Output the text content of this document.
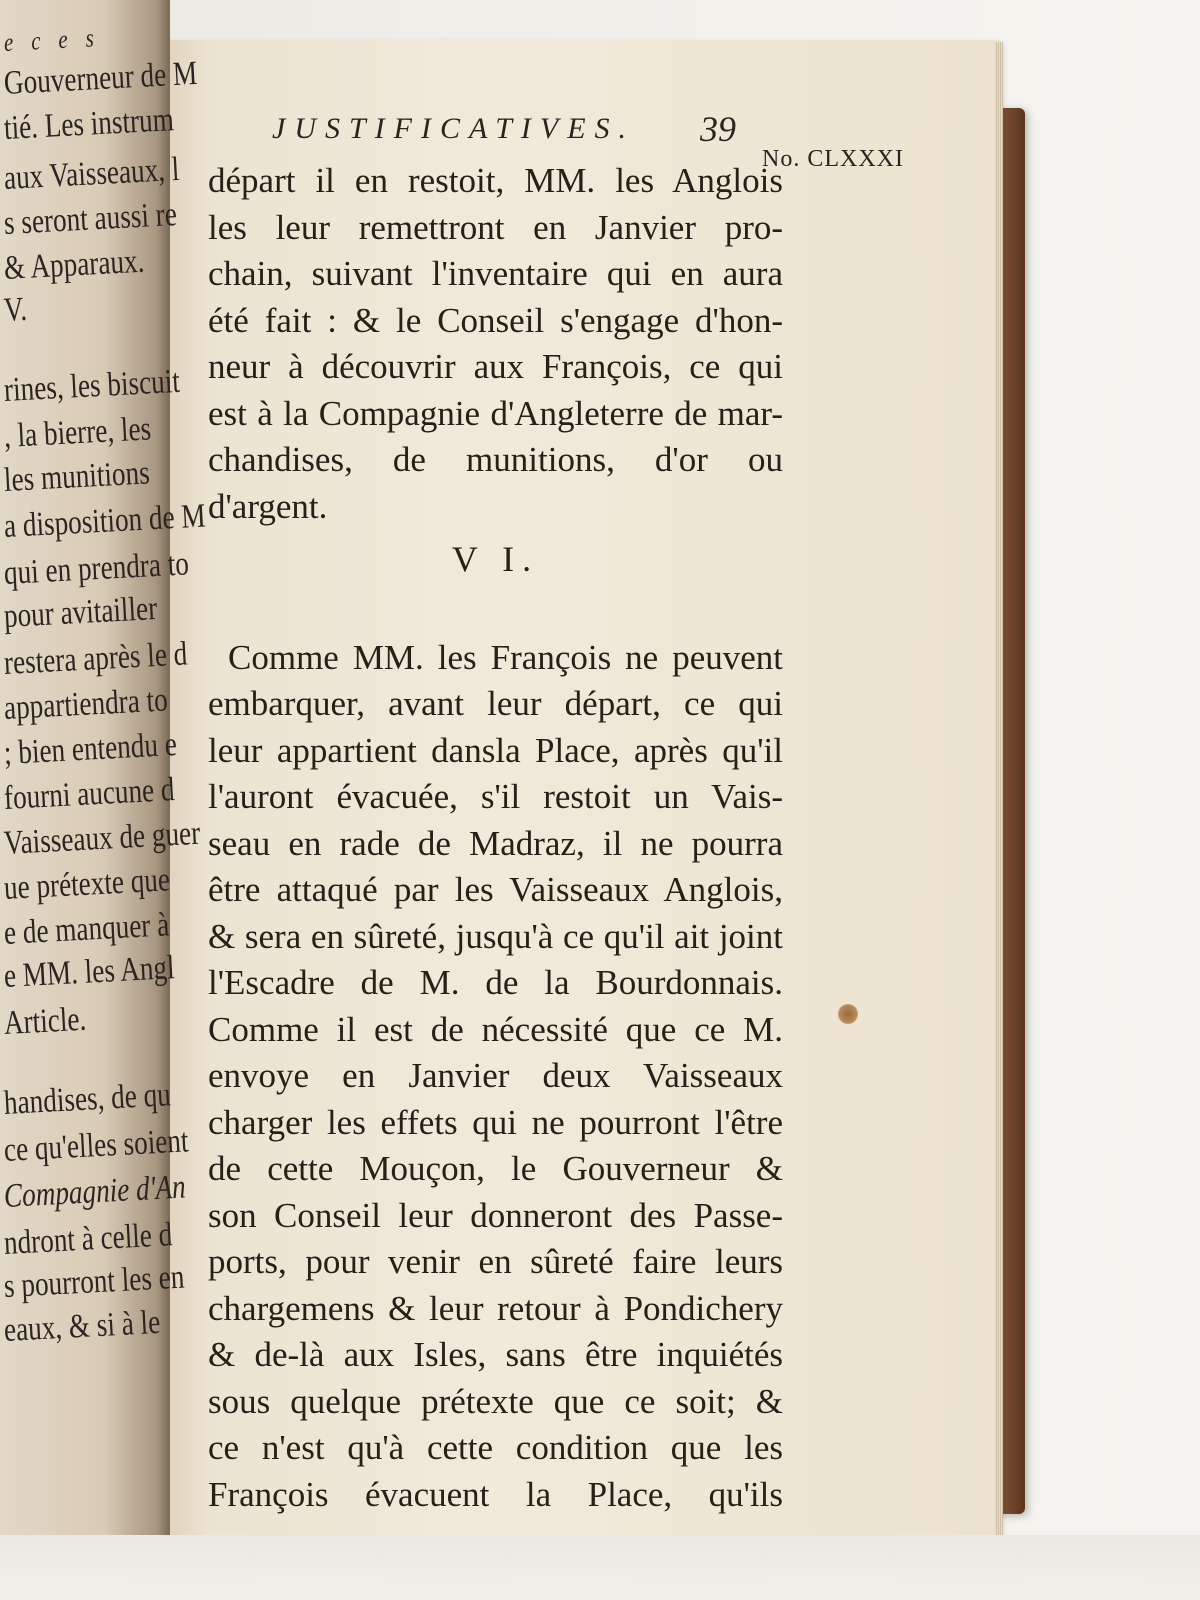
e c e s
Gouverneur de M
tié. Les instrum
aux Vaisseaux, l
s seront aussi re
& Apparaux.
V.
rines, les biscuit
, la bierre, les
les munitions
a disposition de M
qui en prendra to
pour avitailler
restera après le d
appartiendra to
; bien entendu e
fourni aucune d
Vaisseaux de guer
ue prétexte que
e de manquer à
e MM. les Angl
Article.
handises, de qu
ce qu'elles soient
Compagnie d'An
ndront à celle d
s pourront les en
eaux, & si à le
JUSTIFICATIVES. 39
No. CLXXXI
départ il en restoit, MM. les Anglois
les leur remettront en Janvier pro-
chain, suivant l'inventaire qui en aura
été fait : & le Conseil s'engage d'hon-
neur à découvrir aux François, ce qui
est à la Compagnie d'Angleterre de mar-
chandises, de munitions, d'or ou
d'argent.
V I.
Comme MM. les François ne peuvent
embarquer, avant leur départ, ce qui
leur appartient dansla Place, après qu'il
l'auront évacuée, s'il restoit un Vais-
seau en rade de Madraz, il ne pourra
être attaqué par les Vaisseaux Anglois,
& sera en sûreté, jusqu'à ce qu'il ait joint
l'Escadre de M. de la Bourdonnais.
Comme il est de nécessité que ce M.
envoye en Janvier deux Vaisseaux
charger les effets qui ne pourront l'être
de cette Mouçon, le Gouverneur &
son Conseil leur donneront des Passe-
ports, pour venir en sûreté faire leurs
chargemens & leur retour à Pondichery
& de-là aux Isles, sans être inquiétés
sous quelque prétexte que ce soit; &
ce n'est qu'à cette condition que les
François évacuent la Place, qu'ils
